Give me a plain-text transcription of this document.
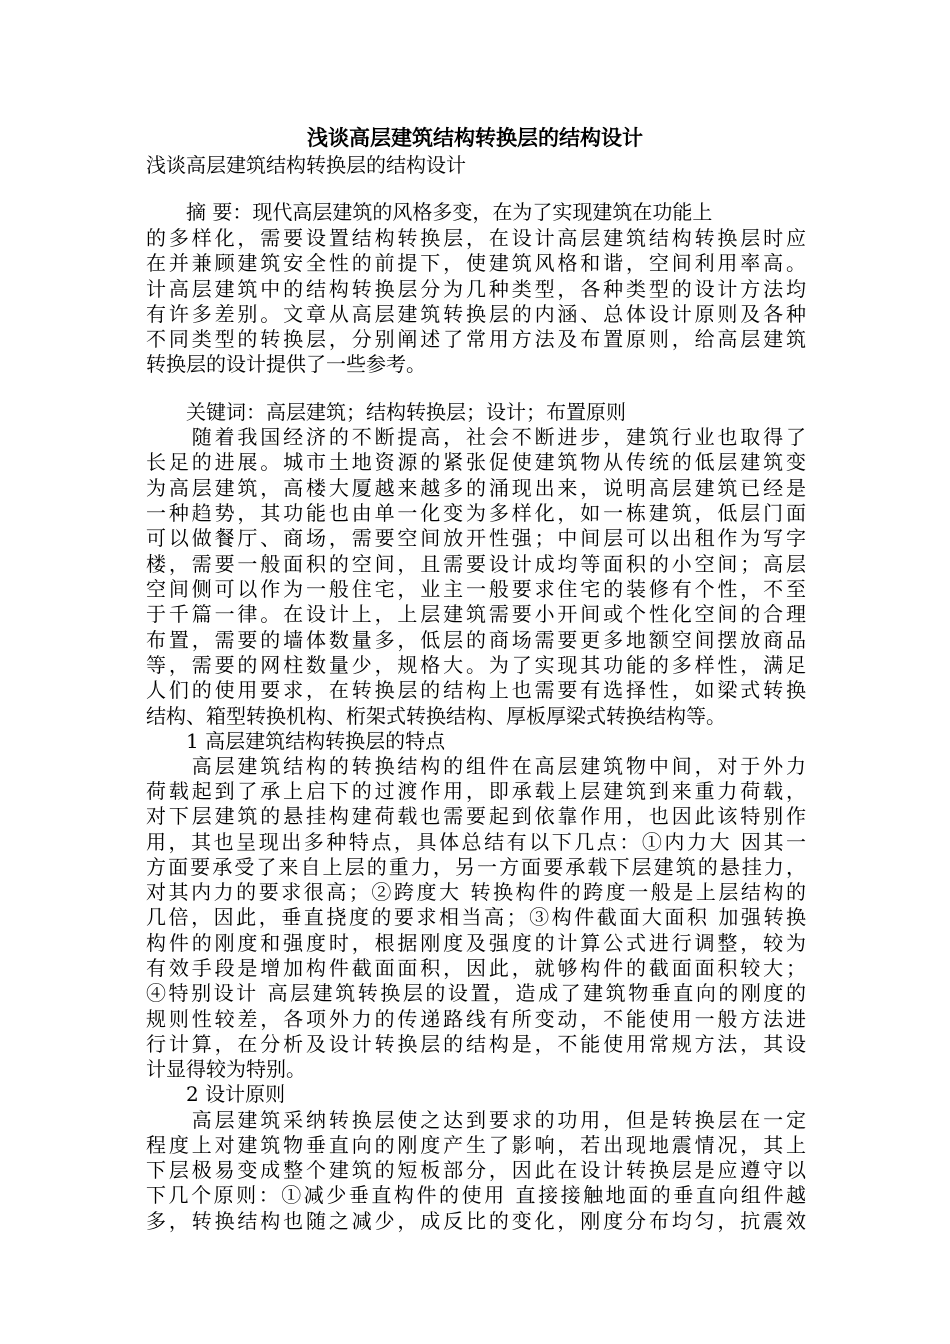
浅谈高层建筑结构转换层的结构设计
浅谈高层建筑结构转换层的结构设计
　　摘 要：现代高层建筑的风格多变，在为了实现建筑在功能上
的多样化，需要设置结构转换层，在设计高层建筑结构转换层时应
在并兼顾建筑安全性的前提下，使建筑风格和谐，空间利用率高。
计高层建筑中的结构转换层分为几种类型，各种类型的设计方法均
有许多差别。文章从高层建筑转换层的内涵、总体设计原则及各种
不同类型的转换层，分别阐述了常用方法及布置原则，给高层建筑
转换层的设计提供了一些参考。
　　关键词：高层建筑；结构转换层；设计；布置原则
　　随着我国经济的不断提高，社会不断进步，建筑行业也取得了
长足的进展。城市土地资源的紧张促使建筑物从传统的低层建筑变
为高层建筑，高楼大厦越来越多的涌现出来，说明高层建筑已经是
一种趋势，其功能也由单一化变为多样化，如一栋建筑，低层门面
可以做餐厅、商场，需要空间放开性强；中间层可以出租作为写字
楼，需要一般面积的空间，且需要设计成均等面积的小空间；高层
空间侧可以作为一般住宅，业主一般要求住宅的装修有个性，不至
于千篇一律。在设计上，上层建筑需要小开间或个性化空间的合理
布置，需要的墙体数量多，低层的商场需要更多地额空间摆放商品
等，需要的网柱数量少，规格大。为了实现其功能的多样性，满足
人们的使用要求，在转换层的结构上也需要有选择性，如梁式转换
结构、箱型转换机构、桁架式转换结构、厚板厚梁式转换结构等。
　　1 高层建筑结构转换层的特点
　　高层建筑结构的转换结构的组件在高层建筑物中间，对于外力
荷载起到了承上启下的过渡作用，即承载上层建筑到来重力荷载，
对下层建筑的悬挂构建荷载也需要起到依靠作用，也因此该特别作
用，其也呈现出多种特点，具体总结有以下几点：①内力大 因其一
方面要承受了来自上层的重力，另一方面要承载下层建筑的悬挂力，
对其内力的要求很高；②跨度大 转换构件的跨度一般是上层结构的
几倍，因此，垂直挠度的要求相当高；③构件截面大面积 加强转换
构件的刚度和强度时，根据刚度及强度的计算公式进行调整，较为
有效手段是增加构件截面面积，因此，就够构件的截面面积较大；
④特别设计 高层建筑转换层的设置，造成了建筑物垂直向的刚度的
规则性较差，各项外力的传递路线有所变动，不能使用一般方法进
行计算，在分析及设计转换层的结构是，不能使用常规方法，其设
计显得较为特别。
　　2 设计原则
　　高层建筑采纳转换层使之达到要求的功用，但是转换层在一定
程度上对建筑物垂直向的刚度产生了影响，若出现地震情况，其上
下层极易变成整个建筑的短板部分，因此在设计转换层是应遵守以
下几个原则：①减少垂直构件的使用 直接接触地面的垂直向组件越
多，转换结构也随之减少，成反比的变化，刚度分布均匀，抗震效
